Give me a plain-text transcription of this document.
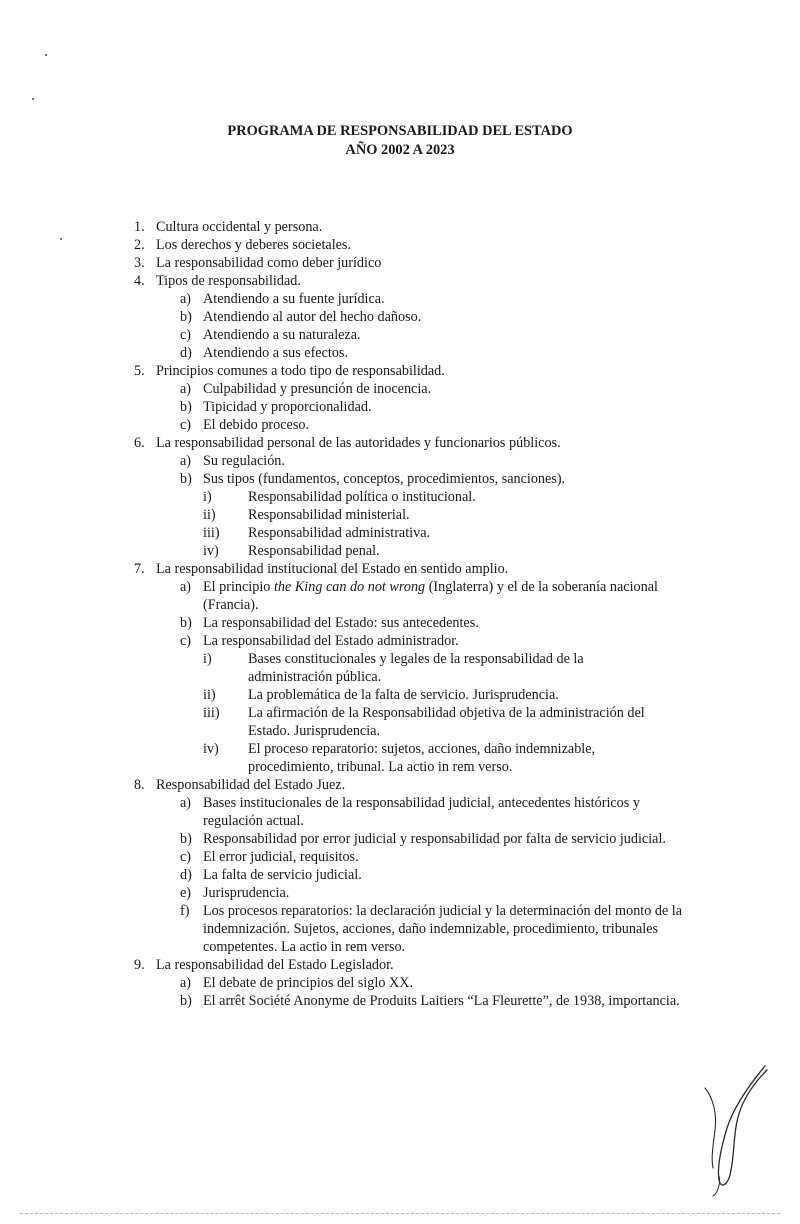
PROGRAMA DE RESPONSABILIDAD DEL ESTADO
AÑO 2002 A 2023
1. Cultura occidental y persona.
2. Los derechos y deberes societales.
3. La responsabilidad como deber jurídico
4. Tipos de responsabilidad.
a) Atendiendo a su fuente jurídica.
b) Atendiendo al autor del hecho dañoso.
c) Atendiendo a su naturaleza.
d) Atendiendo a sus efectos.
5. Principios comunes a todo tipo de responsabilidad.
a) Culpabilidad y presunción de inocencia.
b) Tipicidad y proporcionalidad.
c) El debido proceso.
6. La responsabilidad personal de las autoridades y funcionarios públicos.
a) Su regulación.
b) Sus tipos (fundamentos, conceptos, procedimientos, sanciones).
i)	Responsabilidad política o institucional.
ii) Responsabilidad ministerial.
iii) Responsabilidad administrativa.
iv) Responsabilidad penal.
7. La responsabilidad institucional del Estado en sentido amplio.
a) El principio the King can do not wrong (Inglaterra) y el de la soberanía nacional (Francia).
b) La responsabilidad del Estado: sus antecedentes.
c) La responsabilidad del Estado administrador.
i)	Bases constitucionales y legales de la responsabilidad de la administración pública.
ii) La problemática de la falta de servicio. Jurisprudencia.
iii) La afirmación de la Responsabilidad objetiva de la administración del Estado. Jurisprudencia.
iv) El proceso reparatorio: sujetos, acciones, daño indemnizable, procedimiento, tribunal. La actio in rem verso.
8. Responsabilidad del Estado Juez.
a) Bases institucionales de la responsabilidad judicial, antecedentes históricos y regulación actual.
b) Responsabilidad por error judicial y responsabilidad por falta de servicio judicial.
c) El error judicial, requisitos.
d) La falta de servicio judicial.
e) Jurisprudencia.
f) Los procesos reparatorios: la declaración judicial y la determinación del monto de la indemnización. Sujetos, acciones, daño indemnizable, procedimiento, tribunales competentes. La actio in rem verso.
9. La responsabilidad del Estado Legislador.
a) El debate de principios del siglo XX.
b) El arrêt Société Anonyme de Produits Laitiers “La Fleurette”, de 1938, importancia.
